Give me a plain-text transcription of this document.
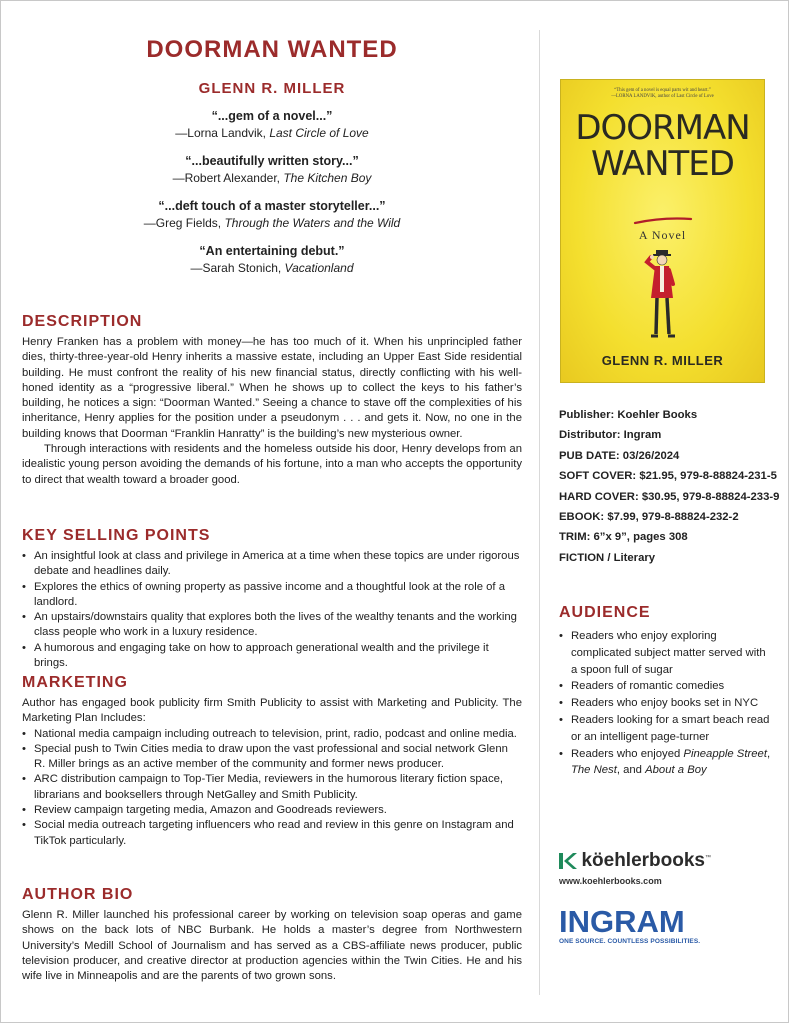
DOORMAN WANTED
GLENN R. MILLER
“...gem of a novel...”
—Lorna Landvik, Last Circle of Love
“...beautifully written story...”
—Robert Alexander, The Kitchen Boy
“...deft touch of a master storyteller...”
—Greg Fields, Through the Waters and the Wild
“An entertaining debut.”
—Sarah Stonich, Vacationland
DESCRIPTION

Henry Franken has a problem with money—he has too much of it. When his unprincipled father dies, thirty-three-year-old Henry inherits a massive estate, including an Upper East Side residential building. He must confront the reality of his new financial status, directly conflicting with his well-honed identity as a “progressive liberal.” When he shows up to collect the keys to his father’s building, he notices a sign: “Doorman Wanted.” Seeing a chance to stave off the complexities of his inheritance, Henry applies for the position under a pseudonym . . . and gets it. Now, no one in the building knows that Doorman “Franklin Hanratty” is the building’s new mysterious owner.

Through interactions with residents and the homeless outside his door, Henry develops from an idealistic young person avoiding the demands of his fortune, into a man who accepts the opportunity to direct that wealth toward a broader good.

KEY SELLING POINTS
• An insightful look at class and privilege in America at a time when these topics are under rigorous debate and headlines daily.
• Explores the ethics of owning property as passive income and a thoughtful look at the role of a landlord.
• An upstairs/downstairs quality that explores both the lives of the wealthy tenants and the working class people who work in a luxury residence.
• A humorous and engaging take on how to approach generational wealth and the privilege it brings.
MARKETING

Author has engaged book publicity firm Smith Publicity to assist with Marketing and Publicity. The Marketing Plan Includes:

• National media campaign including outreach to television, print, radio, podcast and online media.
• Special push to Twin Cities media to draw upon the vast professional and social network Glenn R. Miller brings as an active member of the community and former news producer.
• ARC distribution campaign to Top-Tier Media, reviewers in the humorous literary fiction space, librarians and booksellers through NetGalley and Smith Publicity.
• Review campaign targeting media, Amazon and Goodreads reviewers.
• Social media outreach targeting influencers who read and review in this genre on Instagram and TikTok particularly.
AUTHOR BIO

Glenn R. Miller launched his professional career by working on television soap operas and game shows on the back lots of NBC Burbank. He holds a master’s degree from Northwestern University’s Medill School of Journalism and has served as a CBS-affiliate news producer, public television producer, and creative director at production agencies within the Twin Cities. He and his wife live in Minneapolis and are the parents of two grown sons.

“This gem of a novel is equal parts wit and heart.”
—LORNA LANDVIK, author of Last Circle of Love
DOORMAN
WANTED
A Novel
GLENN R. MILLER
Publisher: Koehler Books
Distributor: Ingram
PUB DATE: 03/26/2024
SOFT COVER: $21.95, 979-8-88824-231-5
HARD COVER: $30.95, 979-8-88824-233-9
EBOOK: $7.99, 979-8-88824-232-2
TRIM: 6”x 9”, pages 308
FICTION / Literary
AUDIENCE
• Readers who enjoy exploring complicated subject matter served with a spoon full of sugar
• Readers of romantic comedies
• Readers who enjoy books set in NYC
• Readers looking for a smart beach read or an intelligent page-turner
• Readers who enjoyed Pineapple Street, The Nest, and About a Boy
köehlerbooks™
www.koehlerbooks.com
INGRAM
ONE SOURCE. COUNTLESS POSSIBILITIES.
